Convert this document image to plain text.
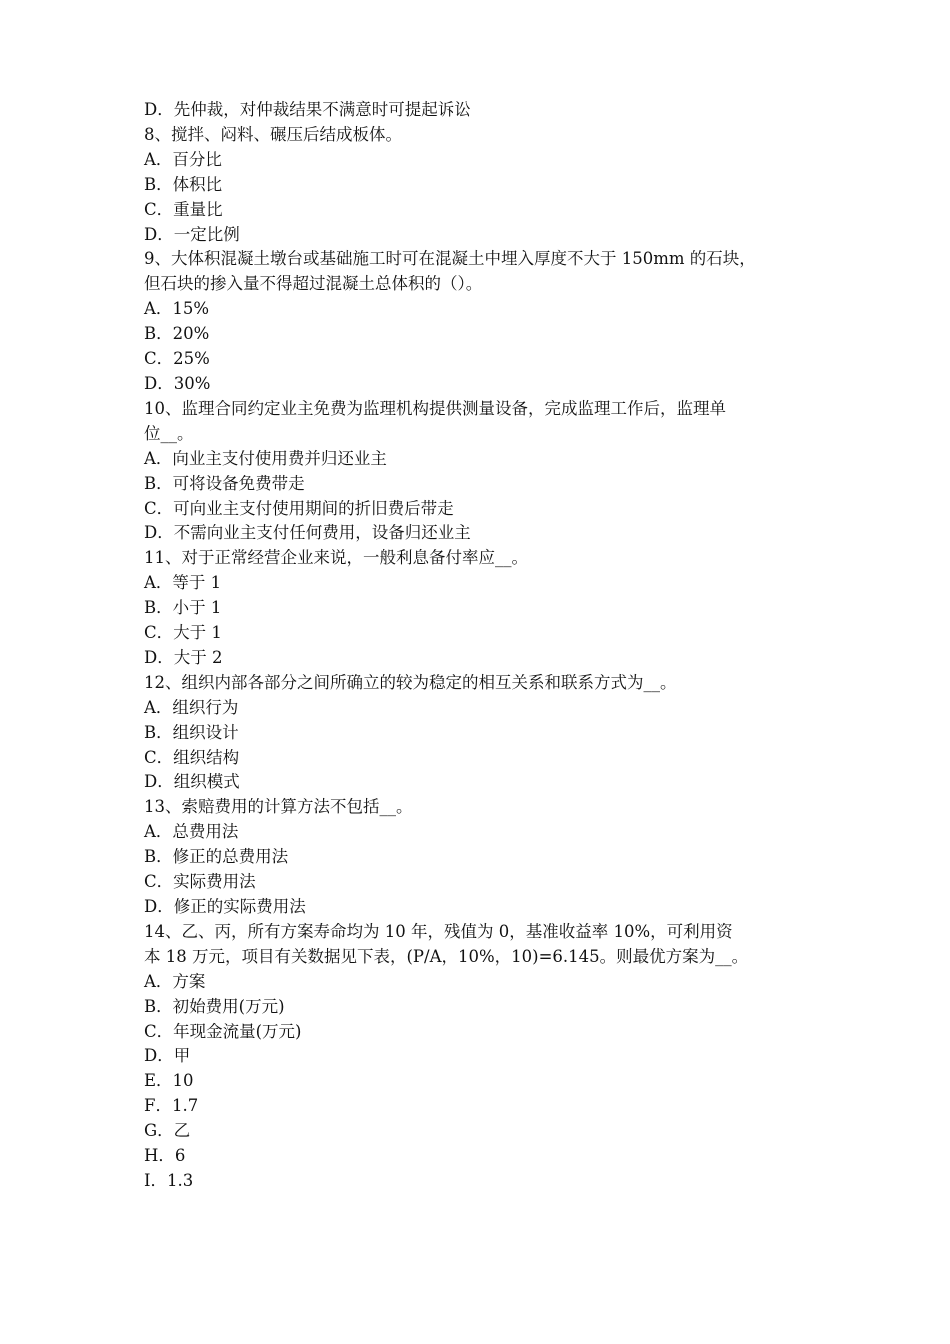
D．先仲裁，对仲裁结果不满意时可提起诉讼
8、搅拌、闷料、碾压后结成板体。
A．百分比
B．体积比
C．重量比
D．一定比例
9、大体积混凝土墩台或基础施工时可在混凝土中埋入厚度不大于 150mm 的石块，
但石块的掺入量不得超过混凝土总体积的（）。
A．15%
B．20%
C．25%
D．30%
10、监理合同约定业主免费为监理机构提供测量设备，完成监理工作后，监理单
位__。
A．向业主支付使用费并归还业主
B．可将设备免费带走
C．可向业主支付使用期间的折旧费后带走
D．不需向业主支付任何费用，设备归还业主
11、对于正常经营企业来说，一般利息备付率应__。
A．等于 1
B．小于 1
C．大于 1
D．大于 2
12、组织内部各部分之间所确立的较为稳定的相互关系和联系方式为__。
A．组织行为
B．组织设计
C．组织结构
D．组织模式
13、索赔费用的计算方法不包括__。
A．总费用法
B．修正的总费用法
C．实际费用法
D．修正的实际费用法
14、乙、丙，所有方案寿命均为 10 年，残值为 0，基准收益率 10%，可利用资
本 18 万元，项目有关数据见下表，(P/A，10%，10)=6.145。则最优方案为__。
A．方案
B．初始费用(万元)
C．年现金流量(万元)
D．甲
E．10
F．1.7
G．乙
H．6
I．1.3
